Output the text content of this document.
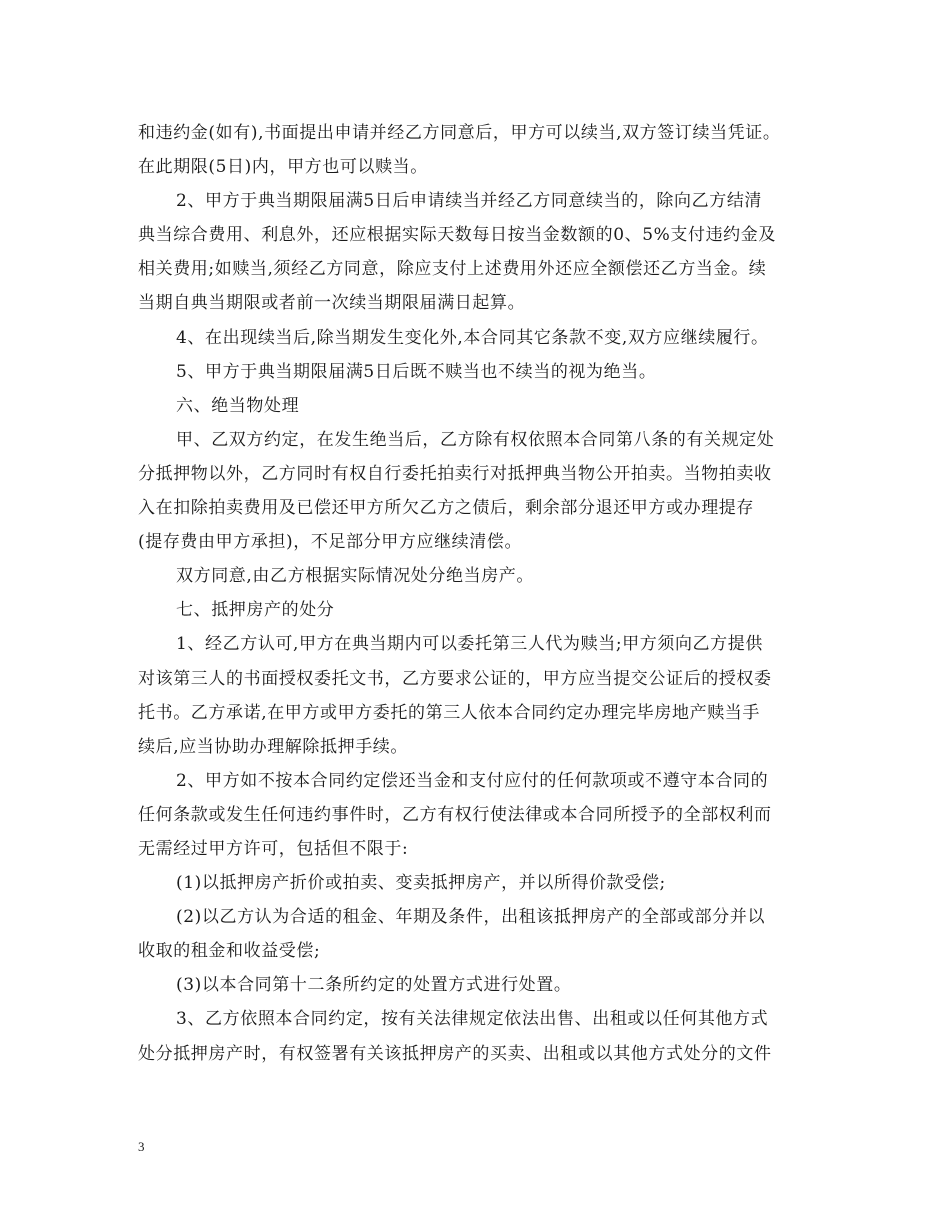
和违约金(如有),书面提出申请并经乙方同意后，甲方可以续当,双方签订续当凭证。
在此期限(5日)内，甲方也可以赎当。
2、甲方于典当期限届满5日后申请续当并经乙方同意续当的，除向乙方结清
典当综合费用、利息外，还应根据实际天数每日按当金数额的0、5%支付违约金及
相关费用;如赎当,须经乙方同意，除应支付上述费用外还应全额偿还乙方当金。续
当期自典当期限或者前一次续当期限届满日起算。
4、在出现续当后,除当期发生变化外,本合同其它条款不变,双方应继续履行。
5、甲方于典当期限届满5日后既不赎当也不续当的视为绝当。
六、绝当物处理
甲、乙双方约定，在发生绝当后，乙方除有权依照本合同第八条的有关规定处
分抵押物以外，乙方同时有权自行委托拍卖行对抵押典当物公开拍卖。当物拍卖收
入在扣除拍卖费用及已偿还甲方所欠乙方之债后，剩余部分退还甲方或办理提存
(提存费由甲方承担)，不足部分甲方应继续清偿。
双方同意,由乙方根据实际情况处分绝当房产。
七、抵押房产的处分
1、经乙方认可,甲方在典当期内可以委托第三人代为赎当;甲方须向乙方提供
对该第三人的书面授权委托文书，乙方要求公证的，甲方应当提交公证后的授权委
托书。乙方承诺,在甲方或甲方委托的第三人依本合同约定办理完毕房地产赎当手
续后,应当协助办理解除抵押手续。
2、甲方如不按本合同约定偿还当金和支付应付的任何款项或不遵守本合同的
任何条款或发生任何违约事件时，乙方有权行使法律或本合同所授予的全部权利而
无需经过甲方许可，包括但不限于:
(1)以抵押房产折价或拍卖、变卖抵押房产，并以所得价款受偿;
(2)以乙方认为合适的租金、年期及条件，出租该抵押房产的全部或部分并以
收取的租金和收益受偿;
(3)以本合同第十二条所约定的处置方式进行处置。
3、乙方依照本合同约定，按有关法律规定依法出售、出租或以任何其他方式
处分抵押房产时，有权签署有关该抵押房产的买卖、出租或以其他方式处分的文件
3
